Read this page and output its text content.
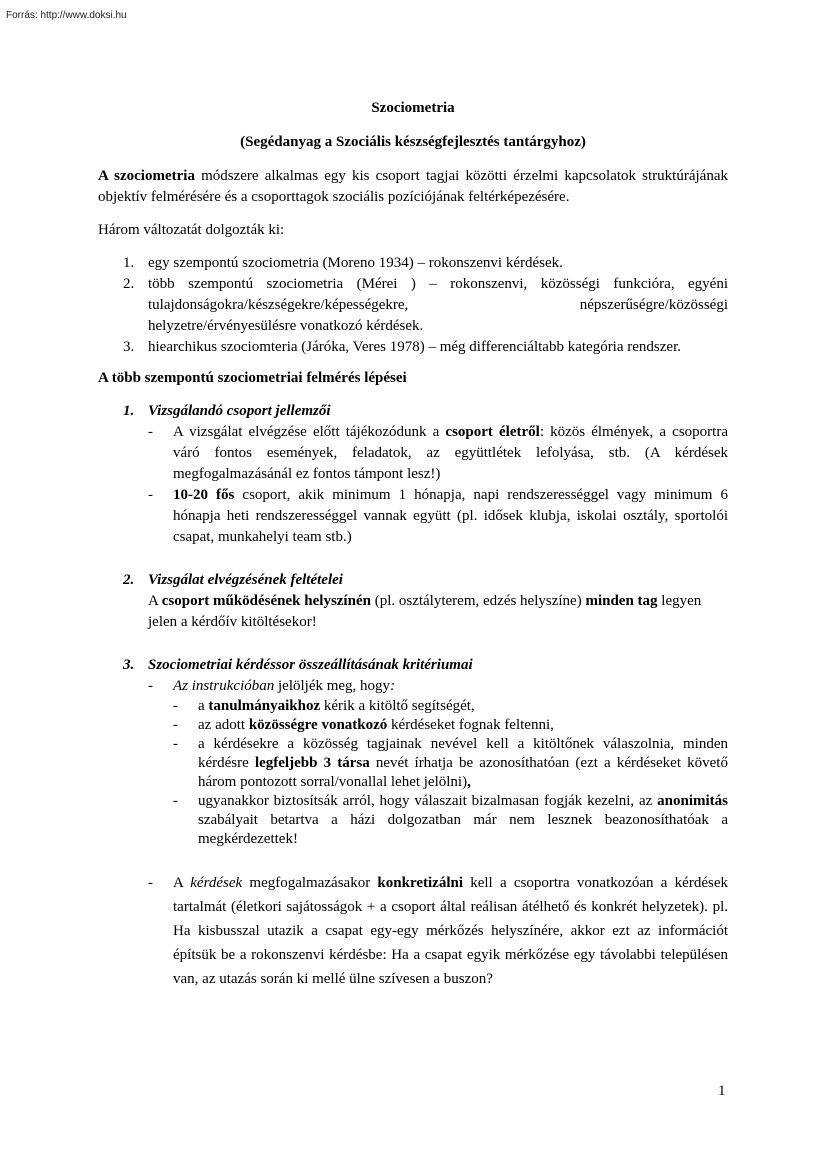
Forrás: http://www.doksi.hu

Szociometria

(Segédanyag a Szociális készségfejlesztés tantárgyhoz)

A szociometria módszere alkalmas egy kis csoport tagjai közötti érzelmi kapcsolatok struktúrájának objektív felmérésére és a csoporttagok szociális pozíciójának feltérképezésére.

Három változatát dolgozták ki:

1. egy szempontú szociometria (Moreno 1934) – rokonszenvi kérdések.
2. több szempontú szociometria (Mérei ) – rokonszenvi, közösségi funkcióra, egyéni
tulajdonságokra/készségekre/képességekre,	népszerűségre/közösségi
helyzetre/érvényesülésre vonatkozó kérdések.
3. hiearchikus szociomteria (Járóka, Veres 1978) – még differenciáltabb kategória rendszer.

A több szempontú szociometriai felmérés lépései

1. Vizsgálandó csoport jellemzői
- A vizsgálat elvégzése előtt tájékozódunk a csoport életről: közös élmények, a csoportra váró fontos események, feladatok, az együttlétek lefolyása, stb. (A kérdések megfogalmazásánál ez fontos támpont lesz!)
- 10-20 fős csoport, akik minimum 1 hónapja, napi rendszerességgel vagy minimum 6 hónapja heti rendszerességgel vannak együtt (pl. idősek klubja, iskolai osztály, sportolói csapat, munkahelyi team stb.)
2. Vizsgálat elvégzésének feltételei
A csoport működésének helyszínén (pl. osztályterem, edzés helyszíne) minden tag legyen jelen a kérdőív kitöltésekor!
3. Szociometriai kérdéssor összeállításának kritériumai
- Az instrukcióban jelöljék meg, hogy:
- a tanulmányaikhoz kérik a kitöltő segítségét,
- az adott közösségre vonatkozó kérdéseket fognak feltenni,
- a kérdésekre a közösség tagjainak nevével kell a kitöltőnek válaszolnia, minden kérdésre legfeljebb 3 társa nevét írhatja be azonosíthatóan (ezt a kérdéseket követő három pontozott sorral/vonallal lehet jelölni),
- ugyanakkor biztosítsák arról, hogy válaszait bizalmasan fogják kezelni, az anonimitás szabályait betartva a házi dolgozatban már nem lesznek beazonosíthatóak a megkérdezettek!
- A kérdések megfogalmazásakor konkretizálni kell a csoportra vonatkozóan a kérdések tartalmát (életkori sajátosságok + a csoport által reálisan átélhető és konkrét helyzetek). pl. Ha kisbusszal utazik a csapat egy-egy mérkőzés helyszínére, akkor ezt az információt építsük be a rokonszenvi kérdésbe: Ha a csapat egyik mérkőzése egy távolabbi településen van, az utazás során ki mellé ülne szívesen a buszon?
1
